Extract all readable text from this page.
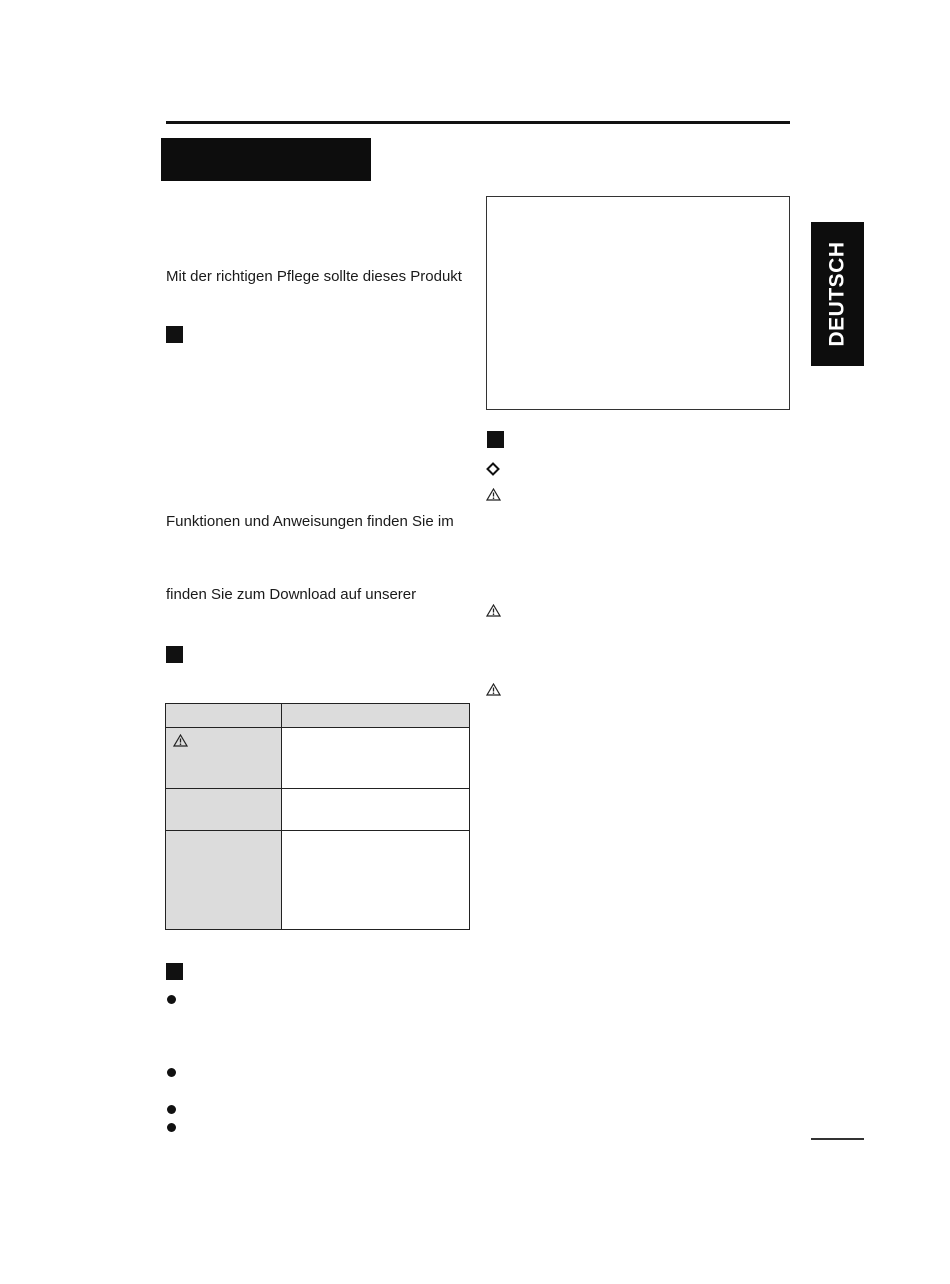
Mit der richtigen Pflege sollte dieses Produkt
Funktionen und Anweisungen finden Sie im
finden Sie zum Download auf unserer

DEUTSCH
